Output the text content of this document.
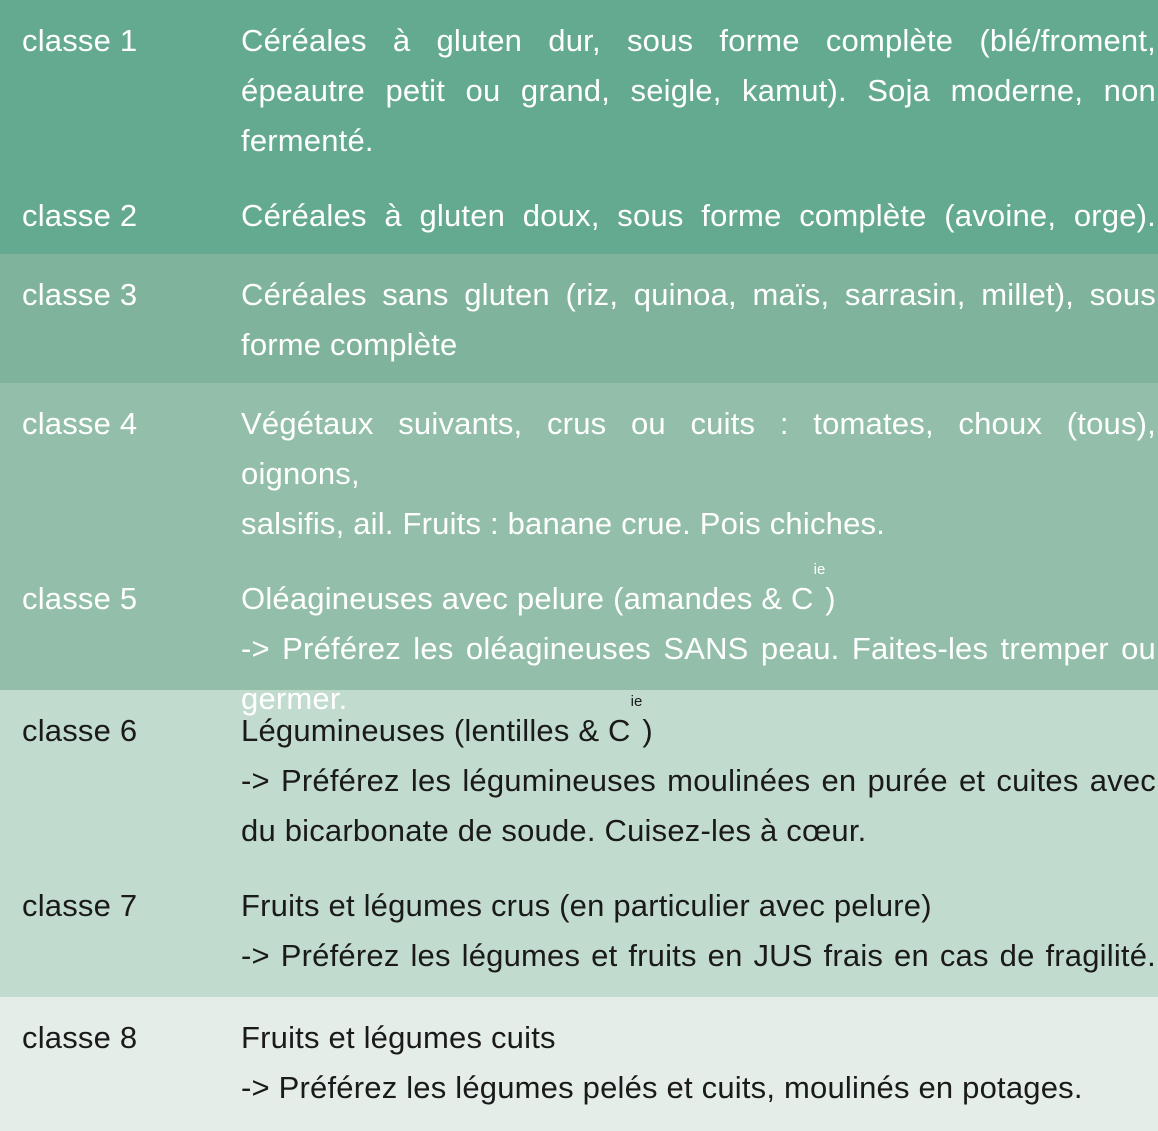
classe 1	Céréales à gluten dur, sous forme complète (blé/froment,
épeautre petit ou grand, seigle, kamut). Soja moderne, non
fermenté.
classe 2	Céréales à gluten doux, sous forme complète (avoine, orge).
classe 3	Céréales sans gluten (riz, quinoa, maïs, sarrasin, millet), sous
forme complète
classe 4	Végétaux suivants, crus ou cuits : tomates, choux (tous), oignons,
salsifis, ail. Fruits : banane crue. Pois chiches.
classe 5	Oléagineuses avec pelure (amandes & $C^{ie}$)
-> Préférez les oléagineuses SANS peau. Faites-les tremper ou
germer.
classe 6	Légumineuses (lentilles & $C^{ie}$)
-> Préférez les légumineuses moulinées en purée et cuites avec
du bicarbonate de soude. Cuisez-les à cœur.
classe 7	Fruits et légumes crus (en particulier avec pelure)
-> Préférez les légumes et fruits en JUS frais en cas de fragilité.
classe 8	Fruits et légumes cuits
-> Préférez les légumes pelés et cuits, moulinés en potages.
